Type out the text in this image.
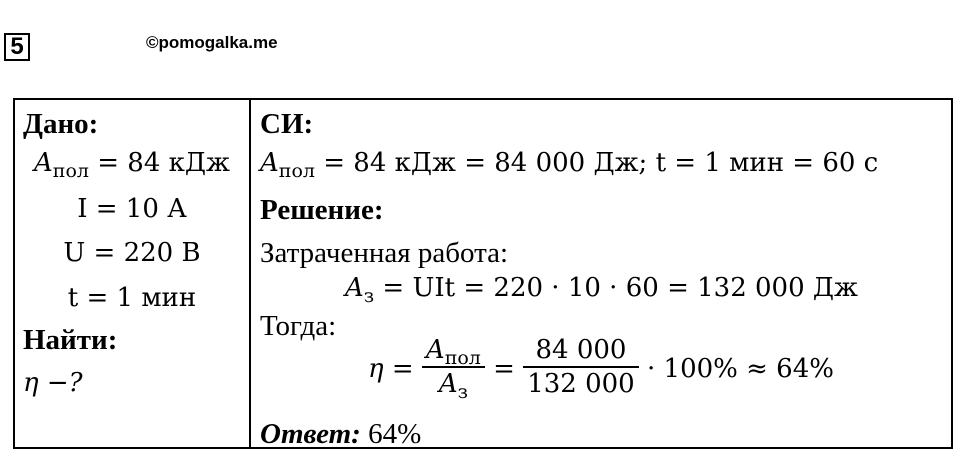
5	©pomogalka.me
Дано:
$A_{пол} = 84$ кДж
I = 10 А
U = 220 В
t = 1 мин
Найти:
η −?
СИ:
$A_{пол} = 84$ кДж = 84 000 Дж; t = 1 мин = 60 с
Решение:
Затраченная работа:
$A_з$ = UIt = 220 · 10 · 60 = 132 000 Дж
Тогда:
$\eta = \frac{A_{пол}}{A_з} = \frac{84 000}{132 000} \cdot 100\% \approx 64\%$
Ответ: 64%
